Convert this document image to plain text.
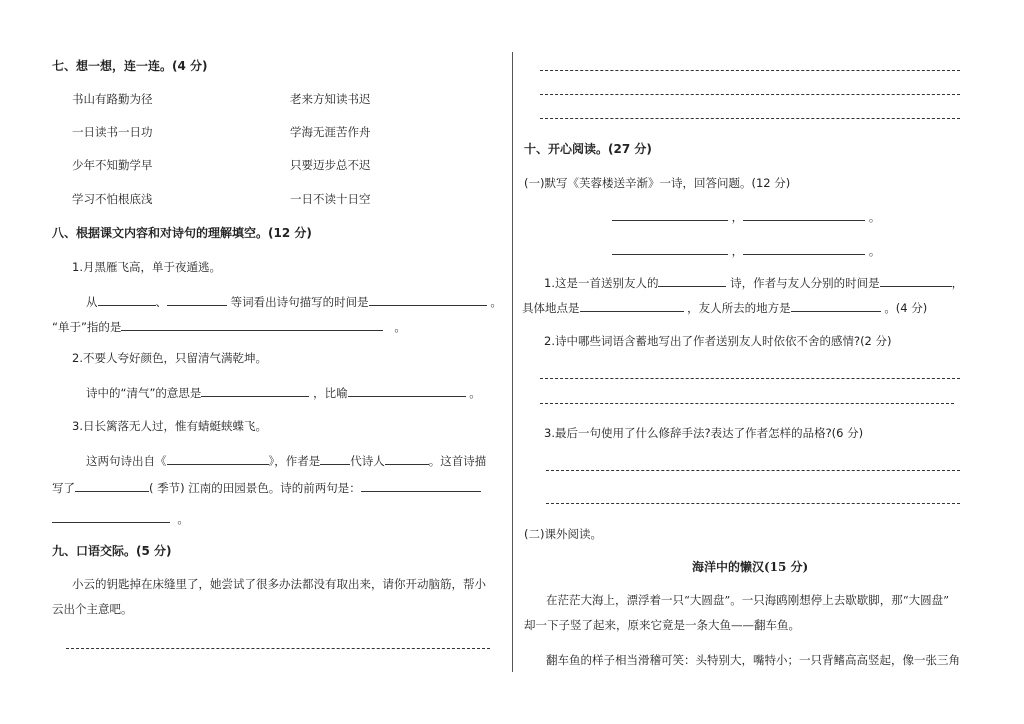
七、想一想，连一连。(4 分)
书山有路勤为径	老来方知读书迟
一日读书一日功	学海无涯苦作舟
少年不知勤学早	只要迈步总不迟
学习不怕根底浅	一日不读十日空
八、根据课文内容和对诗句的理解填空。(12 分)
1.月黑雁飞高，单于夜遁逃。
从	、	等词看出诗句描写的时间是	。
“单于”指的是	。
2.不要人夸好颜色，只留清气满乾坤。
诗中的“清气”的意思是	，比喻	。
3.日长篱落无人过，惟有蜻蜓蛱蝶飞。
这两句诗出自《	》，作者是	代诗人	。这首诗描
写了	( 季节) 江南的田园景色。诗的前两句是：
。
九、口语交际。(5 分)
小云的钥匙掉在床缝里了，她尝试了很多办法都没有取出来，请你开动脑筋，帮小
云出个主意吧。
十、开心阅读。(27 分)
(一)默写《芙蓉楼送辛渐》一诗，回答问题。(12 分)
，	。
，	。
1.这是一首送别友人的	诗，作者与友人分别的时间是	，
具体地点是	，友人所去的地方是	。(4 分)
2.诗中哪些词语含蓄地写出了作者送别友人时依依不舍的感情?(2 分)
3.最后一句使用了什么修辞手法?表达了作者怎样的品格?(6 分)
(二)课外阅读。
海洋中的懒汉(15 分)
在茫茫大海上，漂浮着一只“大圆盘”。一只海鸥刚想停上去歇歇脚，那“大圆盘”
却一下子竖了起来，原来它竟是一条大鱼——翻车鱼。
翻车鱼的样子相当滑稽可笑：头特别大，嘴特小；一只背鳍高高竖起，像一张三角
